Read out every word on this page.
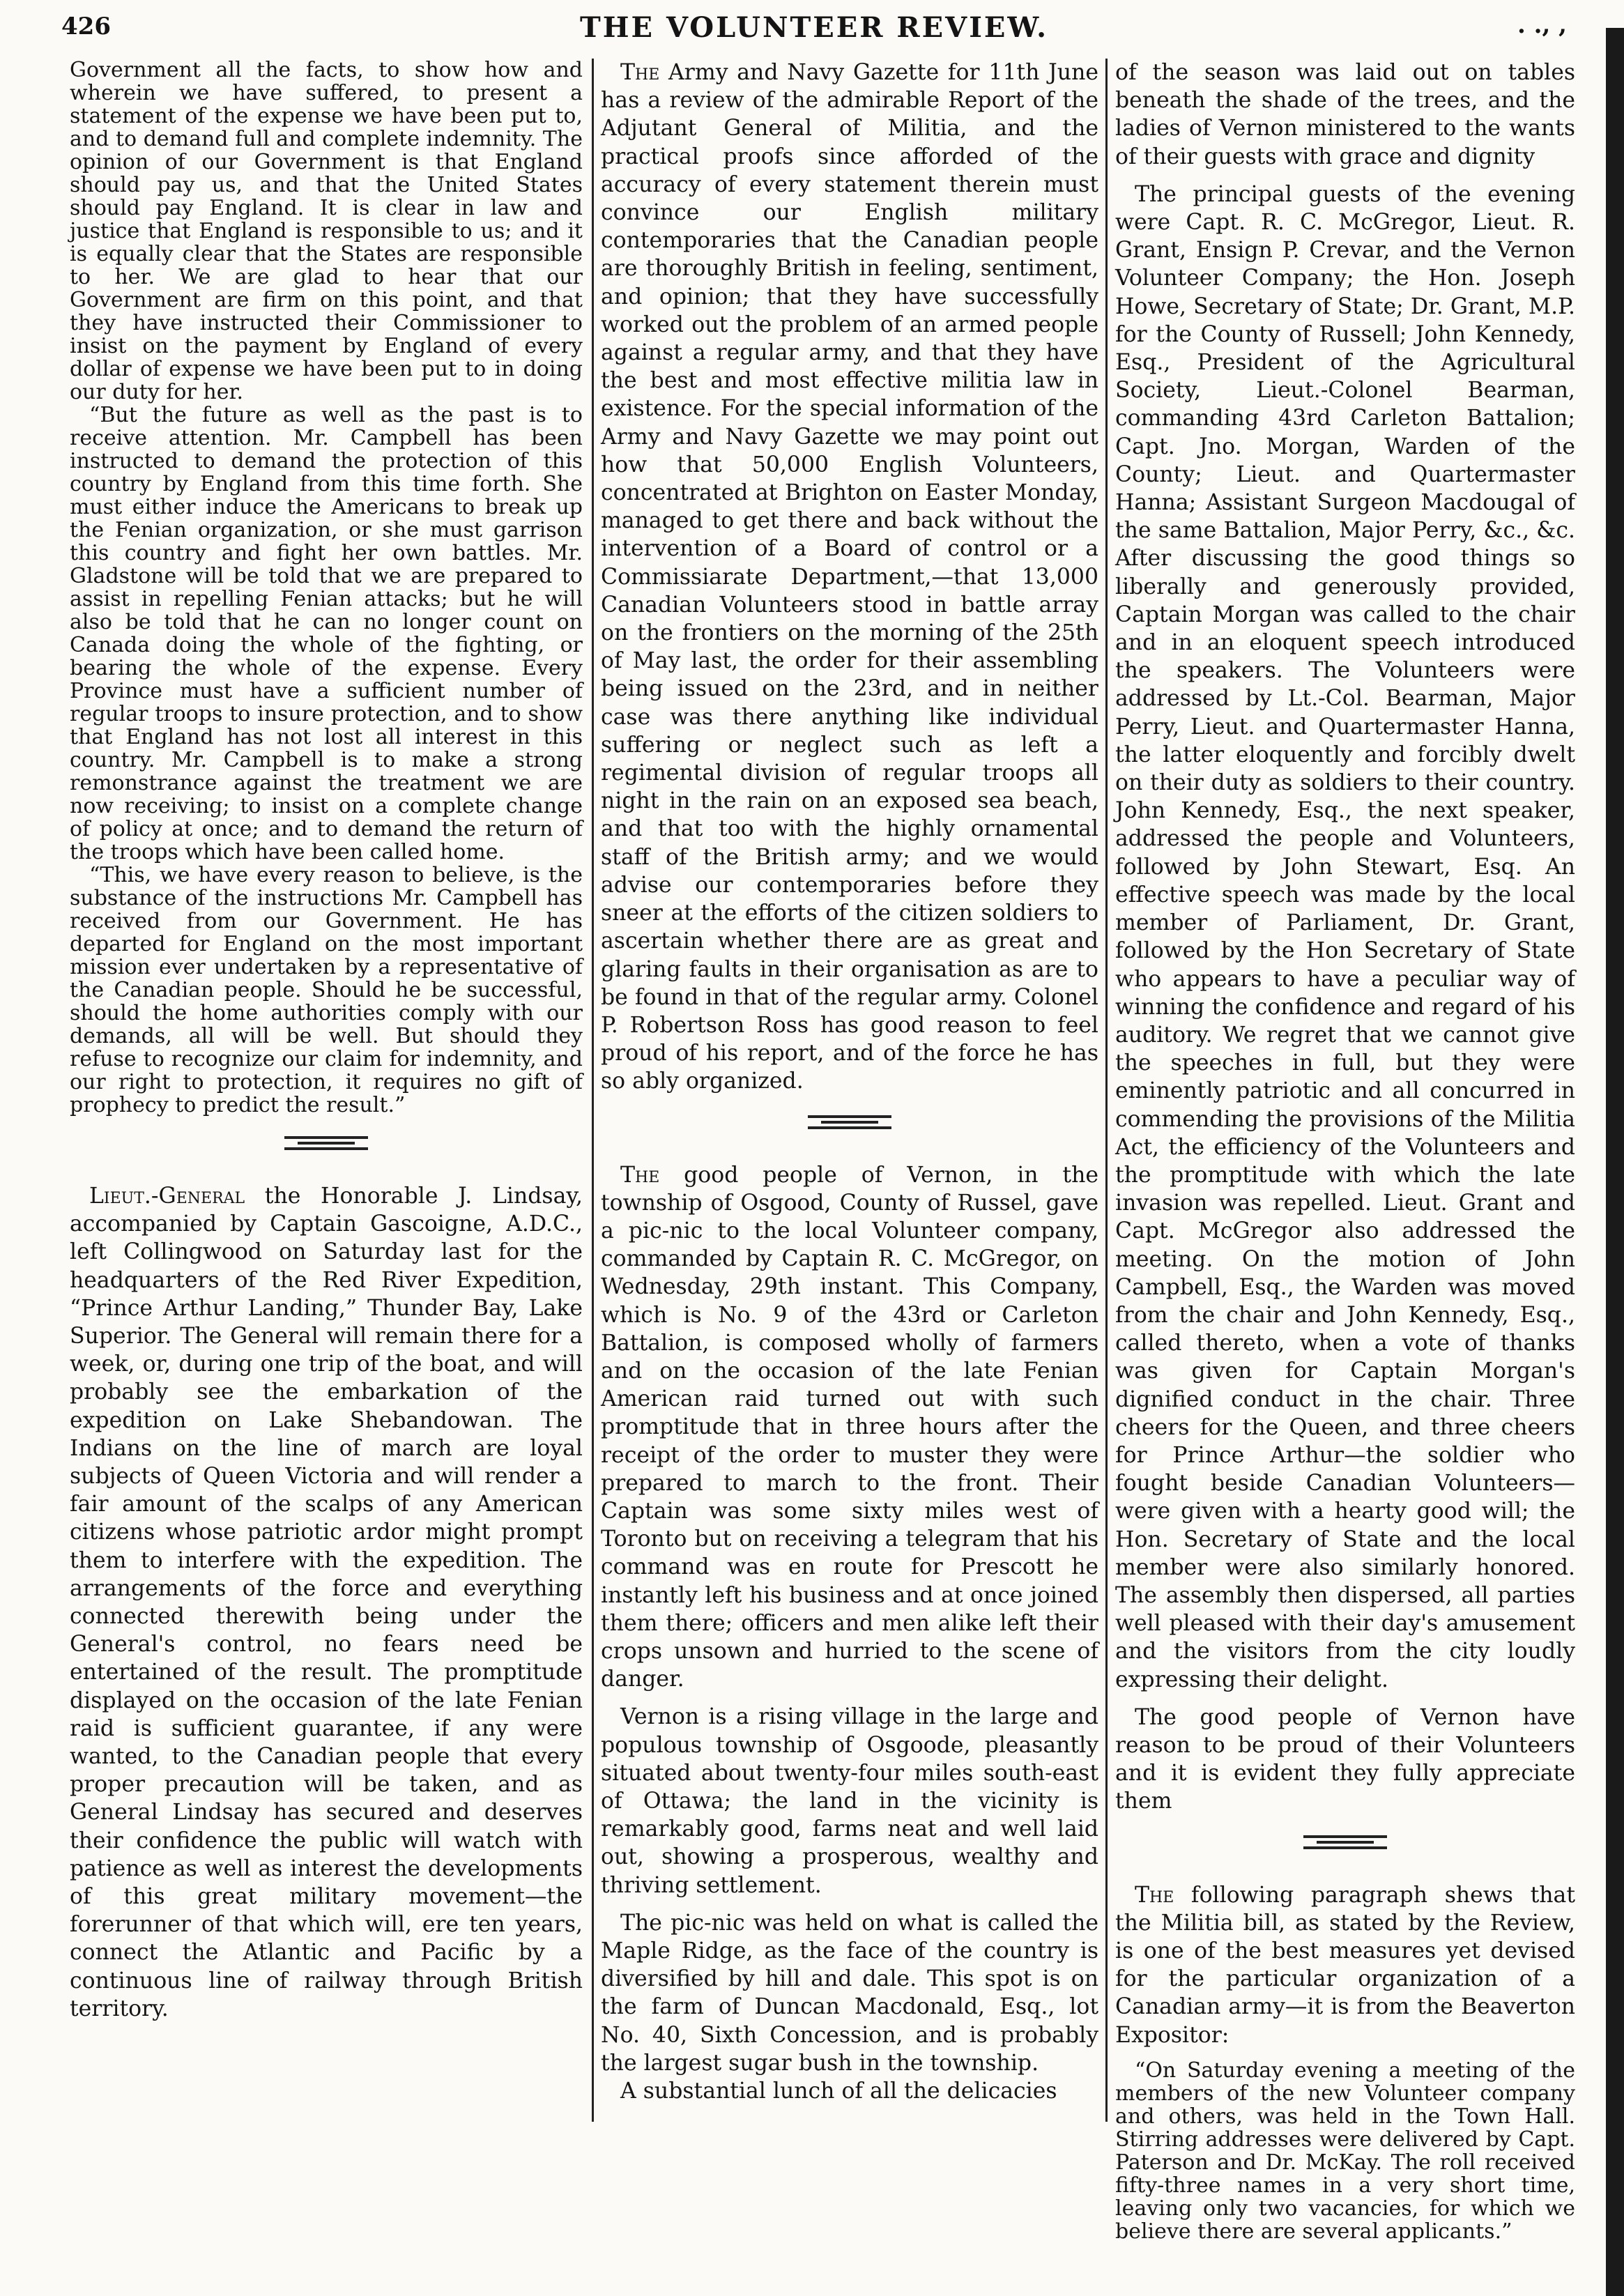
426	THE VOLUNTEER REVIEW.	. ., ,

Government all the facts, to show how and wherein we have suffered, to present a statement of the expense we have been put to, and to demand full and complete indemnity. The opinion of our Government is that England should pay us, and that the United States should pay England. It is clear in law and justice that England is responsible to us; and it is equally clear that the States are responsible to her. We are glad to hear that our Government are firm on this point, and that they have instructed their Commissioner to insist on the payment by England of every dollar of expense we have been put to in doing our duty for her.

“But the future as well as the past is to receive attention. Mr. Campbell has been instructed to demand the protection of this country by England from this time forth. She must either induce the Americans to break up the Fenian organization, or she must garrison this country and fight her own battles. Mr. Gladstone will be told that we are prepared to assist in repelling Fenian attacks; but he will also be told that he can no longer count on Canada doing the whole of the fighting, or bearing the whole of the expense. Every Province must have a sufficient number of regular troops to insure protection, and to show that England has not lost all interest in this country. Mr. Campbell is to make a strong remonstrance against the treatment we are now receiving; to insist on a complete change of policy at once; and to demand the return of the troops which have been called home.

“This, we have every reason to believe, is the substance of the instructions Mr. Campbell has received from our Government. He has departed for England on the most important mission ever undertaken by a representative of the Canadian people. Should he be successful, should the home authorities comply with our demands, all will be well. But should they refuse to recognize our claim for indemnity, and our right to protection, it requires no gift of prophecy to predict the result.”

Lieut.-General the Honorable J. Lindsay, accompanied by Captain Gascoigne, A.D.C., left Collingwood on Saturday last for the headquarters of the Red River Expedition, “Prince Arthur Landing,” Thunder Bay, Lake Superior. The General will remain there for a week, or, during one trip of the boat, and will probably see the embarkation of the expedition on Lake Shebandowan. The Indians on the line of march are loyal subjects of Queen Victoria and will render a fair amount of the scalps of any American citizens whose patriotic ardor might prompt them to interfere with the expedition. The arrangements of the force and everything connected therewith being under the General's control, no fears need be entertained of the result. The promptitude displayed on the occasion of the late Fenian raid is sufficient guarantee, if any were wanted, to the Canadian people that every proper precaution will be taken, and as General Lindsay has secured and deserves their confidence the public will watch with patience as well as interest the developments of this great military movement—the forerunner of that which will, ere ten years, connect the Atlantic and Pacific by a continuous line of railway through British territory.

The Army and Navy Gazette for 11th June has a review of the admirable Report of the Adjutant General of Militia, and the practical proofs since afforded of the accuracy of every statement therein must convince our English military contemporaries that the Canadian people are thoroughly British in feeling, sentiment, and opinion; that they have successfully worked out the problem of an armed people against a regular army, and that they have the best and most effective militia law in existence. For the special information of the Army and Navy Gazette we may point out how that 50,000 English Volunteers, concentrated at Brighton on Easter Monday, managed to get there and back without the intervention of a Board of control or a Commissiarate Department,—that 13,000 Canadian Volunteers stood in battle array on the frontiers on the morning of the 25th of May last, the order for their assembling being issued on the 23rd, and in neither case was there anything like individual suffering or neglect such as left a regimental division of regular troops all night in the rain on an exposed sea beach, and that too with the highly ornamental staff of the British army; and we would advise our contemporaries before they sneer at the efforts of the citizen soldiers to ascertain whether there are as great and glaring faults in their organisation as are to be found in that of the regular army. Colonel P. Robertson Ross has good reason to feel proud of his report, and of the force he has so ably organized.

The good people of Vernon, in the township of Osgood, County of Russel, gave a pic-nic to the local Volunteer company, commanded by Captain R. C. McGregor, on Wednesday, 29th instant. This Company, which is No. 9 of the 43rd or Carleton Battalion, is composed wholly of farmers and on the occasion of the late Fenian American raid turned out with such promptitude that in three hours after the receipt of the order to muster they were prepared to march to the front. Their Captain was some sixty miles west of Toronto but on receiving a telegram that his command was en route for Prescott he instantly left his business and at once joined them there; officers and men alike left their crops unsown and hurried to the scene of danger.

Vernon is a rising village in the large and populous township of Osgoode, pleasantly situated about twenty-four miles south-east of Ottawa; the land in the vicinity is remarkably good, farms neat and well laid out, showing a prosperous, wealthy and thriving settlement.

The pic-nic was held on what is called the Maple Ridge, as the face of the country is diversified by hill and dale. This spot is on the farm of Duncan Macdonald, Esq., lot No. 40, Sixth Concession, and is probably the largest sugar bush in the township.

A substantial lunch of all the delicacies

of the season was laid out on tables beneath the shade of the trees, and the ladies of Vernon ministered to the wants of their guests with grace and dignity

The principal guests of the evening were Capt. R. C. McGregor, Lieut. R. Grant, Ensign P. Crevar, and the Vernon Volunteer Company; the Hon. Joseph Howe, Secretary of State; Dr. Grant, M.P. for the County of Russell; John Kennedy, Esq., President of the Agricultural Society, Lieut.-Colonel Bearman, commanding 43rd Carleton Battalion; Capt. Jno. Morgan, Warden of the County; Lieut. and Quartermaster Hanna; Assistant Surgeon Macdougal of the same Battalion, Major Perry, &c., &c. After discussing the good things so liberally and generously provided, Captain Morgan was called to the chair and in an eloquent speech introduced the speakers. The Volunteers were addressed by Lt.-Col. Bearman, Major Perry, Lieut. and Quartermaster Hanna, the latter eloquently and forcibly dwelt on their duty as soldiers to their country. John Kennedy, Esq., the next speaker, addressed the people and Volunteers, followed by John Stewart, Esq. An effective speech was made by the local member of Parliament, Dr. Grant, followed by the Hon Secretary of State who appears to have a peculiar way of winning the confidence and regard of his auditory. We regret that we cannot give the speeches in full, but they were eminently patriotic and all concurred in commending the provisions of the Militia Act, the efficiency of the Volunteers and the promptitude with which the late invasion was repelled. Lieut. Grant and Capt. McGregor also addressed the meeting. On the motion of John Campbell, Esq., the Warden was moved from the chair and John Kennedy, Esq., called thereto, when a vote of thanks was given for Captain Morgan's dignified conduct in the chair. Three cheers for the Queen, and three cheers for Prince Arthur—the soldier who fought beside Canadian Volunteers—were given with a hearty good will; the Hon. Secretary of State and the local member were also similarly honored. The assembly then dispersed, all parties well pleased with their day's amusement and the visitors from the city loudly expressing their delight.

The good people of Vernon have reason to be proud of their Volunteers and it is evident they fully appreciate them

The following paragraph shews that the Militia bill, as stated by the Review, is one of the best measures yet devised for the particular organization of a Canadian army—it is from the Beaverton Expositor:

“On Saturday evening a meeting of the members of the new Volunteer company and others, was held in the Town Hall. Stirring addresses were delivered by Capt. Paterson and Dr. McKay. The roll received fifty-three names in a very short time, leaving only two vacancies, for which we believe there are several applicants.”
